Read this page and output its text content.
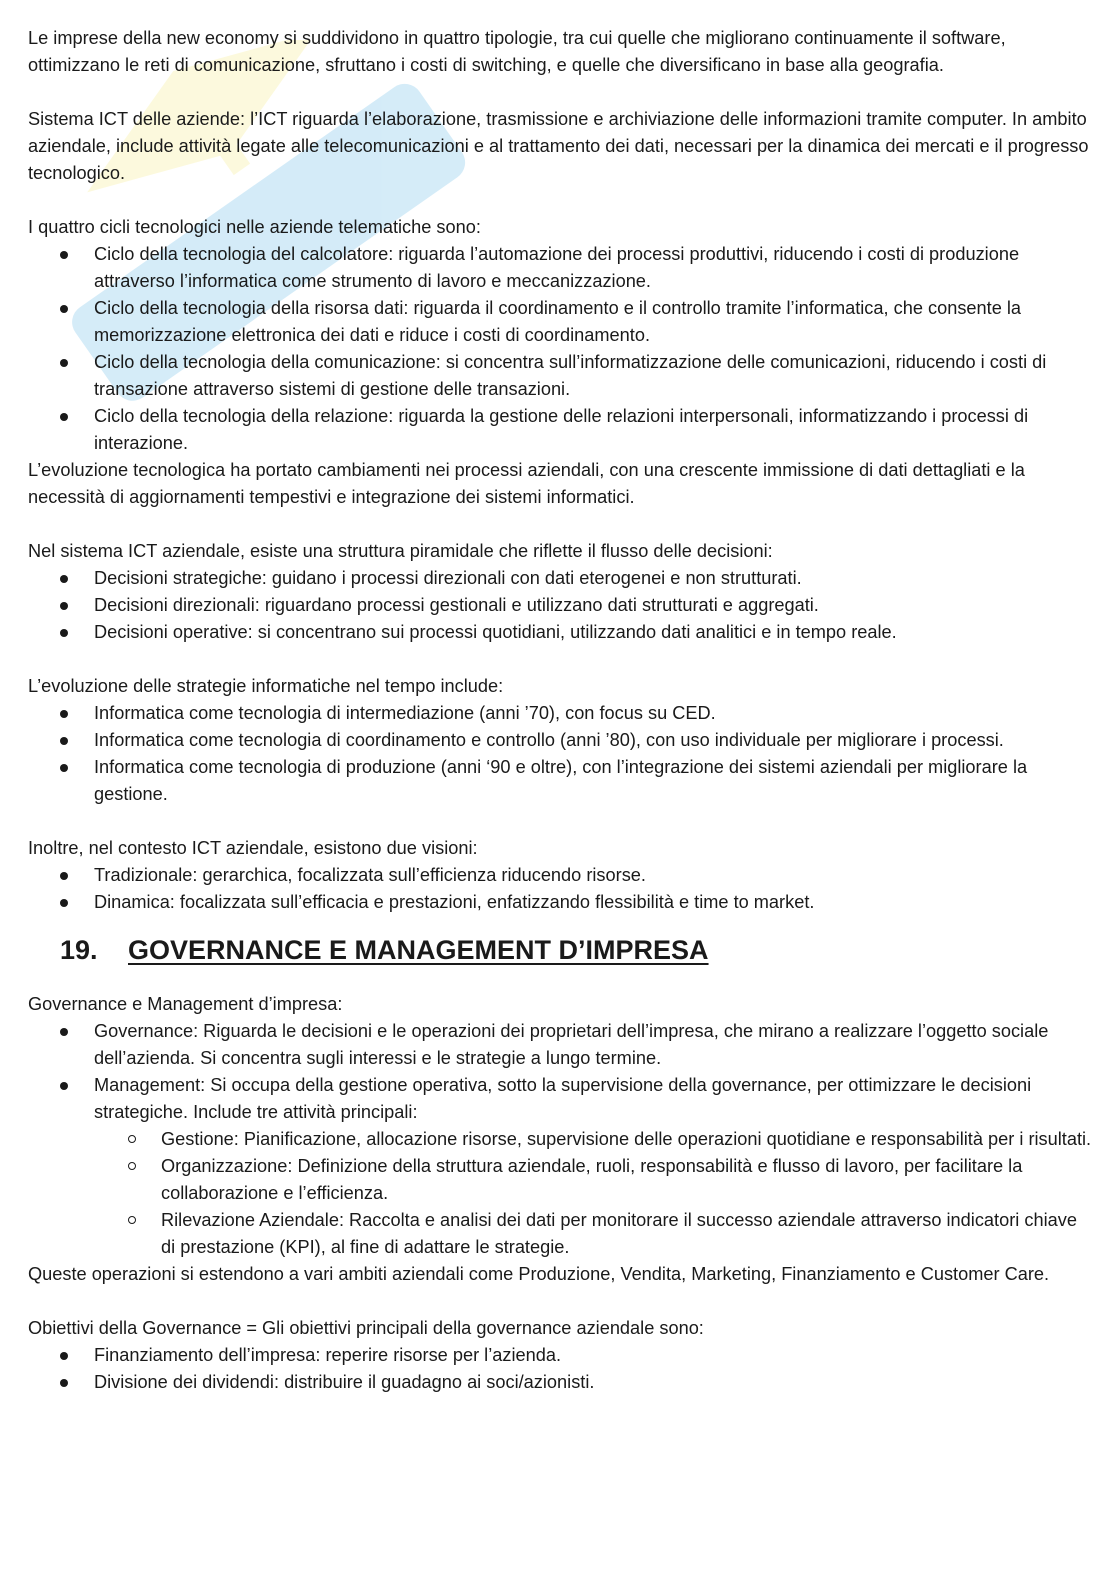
Le imprese della new economy si suddividono in quattro tipologie, tra cui quelle che migliorano continuamente il software, ottimizzano le reti di comunicazione, sfruttano i costi di switching, e quelle che diversificano in base alla geografia.

Sistema ICT delle aziende: l’ICT riguarda l’elaborazione, trasmissione e archiviazione delle informazioni tramite computer. In ambito aziendale, include attività legate alle telecomunicazioni e al trattamento dei dati, necessari per la dinamica dei mercati e il progresso tecnologico.

I quattro cicli tecnologici nelle aziende telematiche sono:

Ciclo della tecnologia del calcolatore: riguarda l’automazione dei processi produttivi, riducendo i costi di produzione attraverso l’informatica come strumento di lavoro e meccanizzazione.
Ciclo della tecnologia della risorsa dati: riguarda il coordinamento e il controllo tramite l’informatica, che consente la memorizzazione elettronica dei dati e riduce i costi di coordinamento.
Ciclo della tecnologia della comunicazione: si concentra sull’informatizzazione delle comunicazioni, riducendo i costi di transazione attraverso sistemi di gestione delle transazioni.
Ciclo della tecnologia della relazione: riguarda la gestione delle relazioni interpersonali, informatizzando i processi di interazione.

L’evoluzione tecnologica ha portato cambiamenti nei processi aziendali, con una crescente immissione di dati dettagliati e la necessità di aggiornamenti tempestivi e integrazione dei sistemi informatici.

Nel sistema ICT aziendale, esiste una struttura piramidale che riflette il flusso delle decisioni:

Decisioni strategiche: guidano i processi direzionali con dati eterogenei e non strutturati.
Decisioni direzionali: riguardano processi gestionali e utilizzano dati strutturati e aggregati.
Decisioni operative: si concentrano sui processi quotidiani, utilizzando dati analitici e in tempo reale.

L’evoluzione delle strategie informatiche nel tempo include:

Informatica come tecnologia di intermediazione (anni ’70), con focus su CED.
Informatica come tecnologia di coordinamento e controllo (anni ’80), con uso individuale per migliorare i processi.
Informatica come tecnologia di produzione (anni ‘90 e oltre), con l’integrazione dei sistemi aziendali per migliorare la gestione.

Inoltre, nel contesto ICT aziendale, esistono due visioni:

Tradizionale: gerarchica, focalizzata sull’efficienza riducendo risorse.
Dinamica: focalizzata sull’efficacia e prestazioni, enfatizzando flessibilità e time to market.
19. GOVERNANCE E MANAGEMENT D’IMPRESA

Governance e Management d’impresa:

Governance: Riguarda le decisioni e le operazioni dei proprietari dell’impresa, che mirano a realizzare l’oggetto sociale dell’azienda. Si concentra sugli interessi e le strategie a lungo termine.
Management: Si occupa della gestione operativa, sotto la supervisione della governance, per ottimizzare le decisioni strategiche. Include tre attività principali:
Gestione: Pianificazione, allocazione risorse, supervisione delle operazioni quotidiane e responsabilità per i risultati.
Organizzazione: Definizione della struttura aziendale, ruoli, responsabilità e flusso di lavoro, per facilitare la collaborazione e l’efficienza.
Rilevazione Aziendale: Raccolta e analisi dei dati per monitorare il successo aziendale attraverso indicatori chiave di prestazione (KPI), al fine di adattare le strategie.

Queste operazioni si estendono a vari ambiti aziendali come Produzione, Vendita, Marketing, Finanziamento e Customer Care.

Obiettivi della Governance = Gli obiettivi principali della governance aziendale sono:

Finanziamento dell’impresa: reperire risorse per l’azienda.
Divisione dei dividendi: distribuire il guadagno ai soci/azionisti.
